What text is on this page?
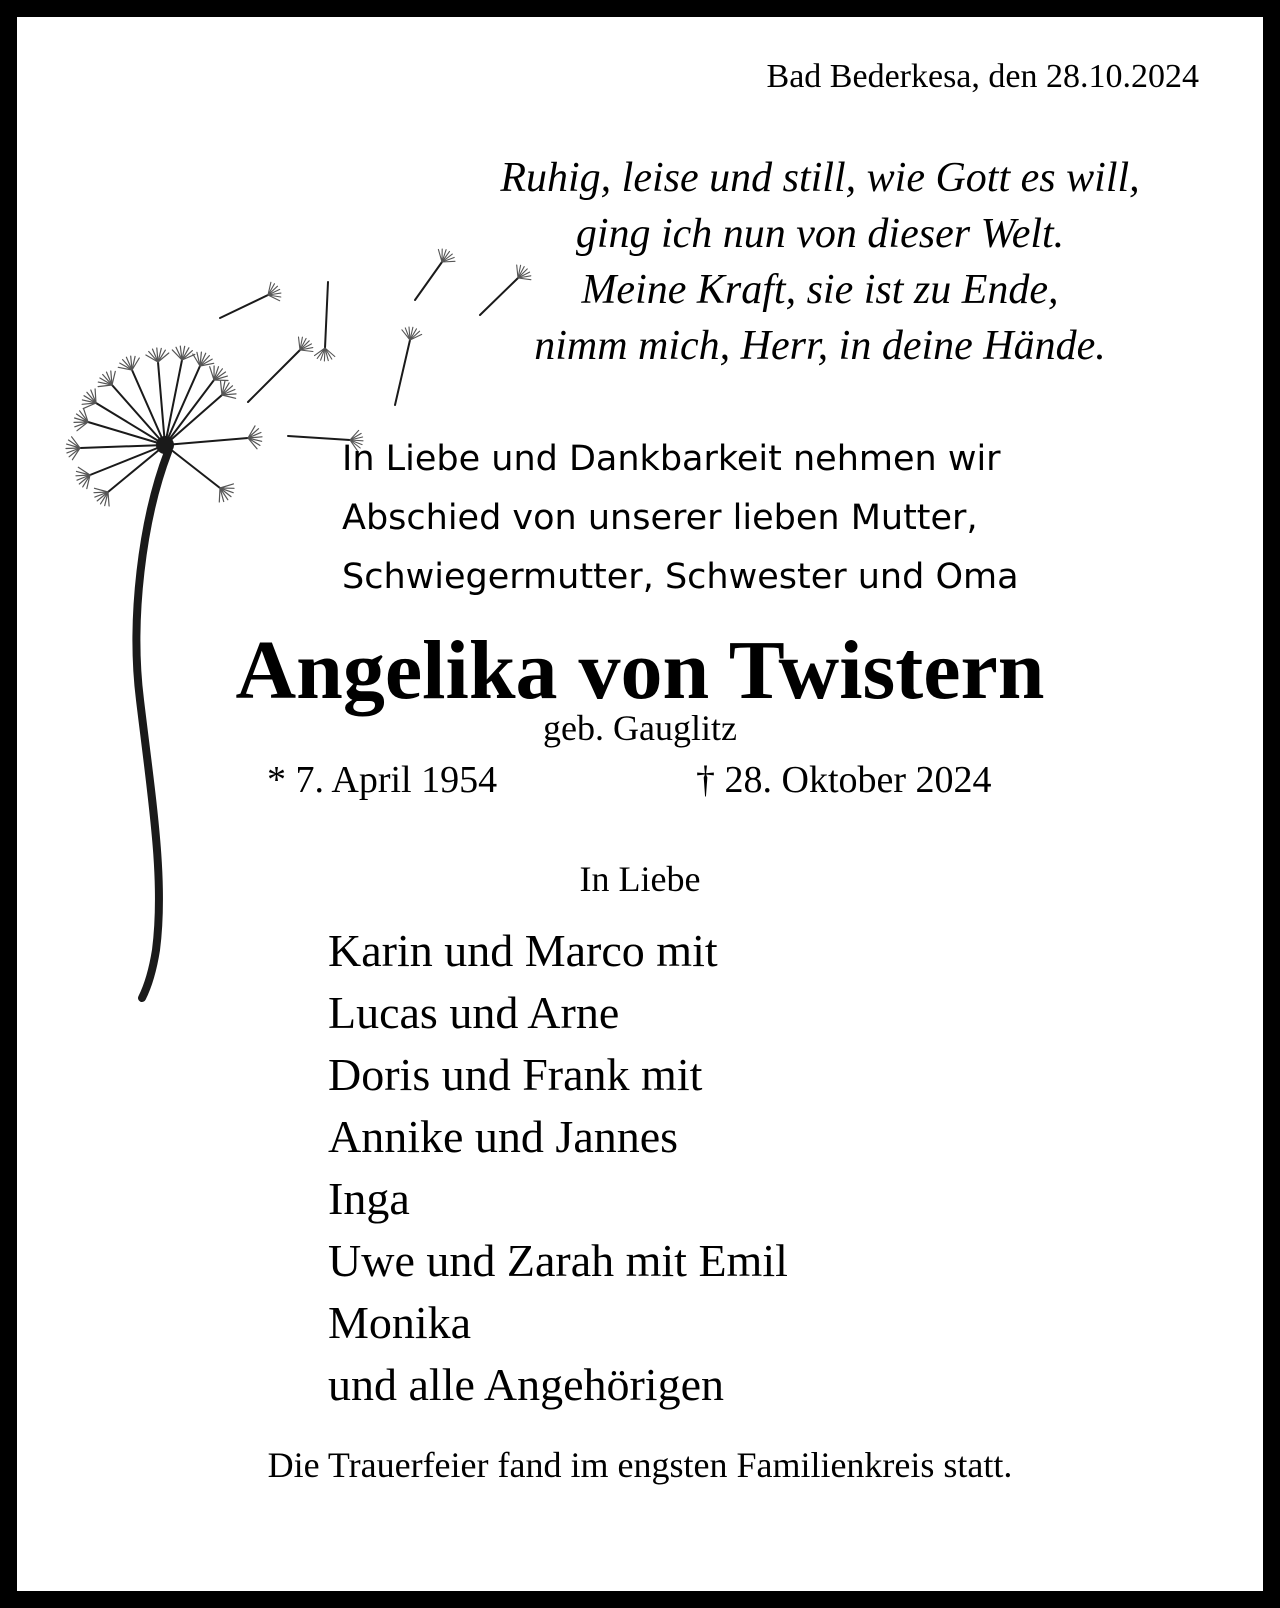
Bad Bederkesa, den 28.10.2024
Ruhig, leise und still, wie Gott es will,
ging ich nun von dieser Welt.
Meine Kraft, sie ist zu Ende,
nimm mich, Herr, in deine Hände.
In Liebe und Dankbarkeit nehmen wir
Abschied von unserer lieben Mutter,
Schwiegermutter, Schwester und Oma
Angelika von Twistern
geb. Gauglitz
* 7. April 1954	† 28. Oktober 2024
In Liebe
Karin und Marco mit
Lucas und Arne
Doris und Frank mit
Annike und Jannes
Inga
Uwe und Zarah mit Emil
Monika
und alle Angehörigen
Die Trauerfeier fand im engsten Familienkreis statt.
